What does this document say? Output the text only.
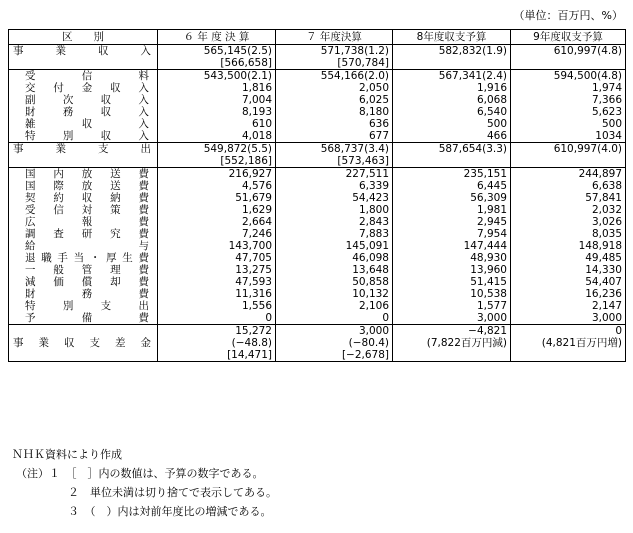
（単位：百万円、%）
区　　別	６ 年 度 決 算	７ 年度決算	8年度収支予算	9年度収支予算
事業収入	565,145(2.5)	571,738(1.2)	582,832(1.9)	610,997(4.8)
	[566,658]	[570,784]		
受信料	543,500(2.1)	554,166(2.0)	567,341(2.4)	594,500(4.8)
交付金収入	1,816	2,050	1,916	1,974
副次収入	7,004	6,025	6,068	7,366
財務収入	8,193	8,180	6,540	5,623
雑収入	610	636	500	500
特別収入	4,018	677	466	1034
事業支出	549,872(5.5)	568,737(3.4)	587,654(3.3)	610,997(4.0)
	[552,186]	[573,463]		
国内放送費	216,927	227,511	235,151	244,897
国際放送費	4,576	6,339	6,445	6,638
契約収納費	51,679	54,423	56,309	57,841
受信対策費	1,629	1,800	1,981	2,032
広報費	2,664	2,843	2,945	3,026
調査研究費	7,246	7,883	7,954	8,035
給与	143,700	145,091	147,444	148,918
退職手当・厚生費	47,705	46,098	48,930	49,485
一般管理費	13,275	13,648	13,960	14,330
減価償却費	47,593	50,858	51,415	54,407
財務費	11,316	10,132	10,538	16,236
特別支出	1,556	2,106	1,577	2,147
予備費	0	0	3,000	3,000
	15,272	3,000	−4,821	0
事業収支差金	(−48.8)	(−80.4)	(7,822百万円減)	(4,821百万円増)
	[14,471]	[−2,678]		
ＮＨＫ資料により作成
（注）１　［　］内の数値は、予算の数字である。
２　単位未満は切り捨てで表示してある。
３　（　）内は対前年度比の増減である。
